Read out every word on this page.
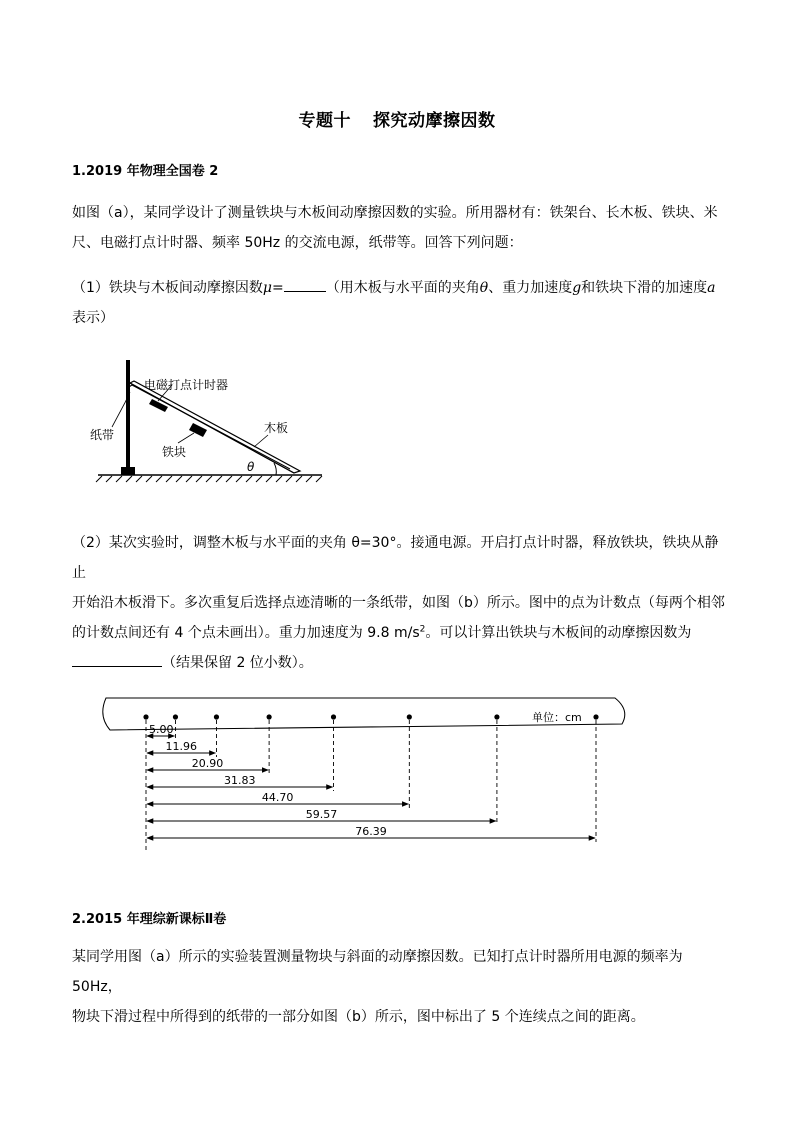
专题十 探究动摩擦因数
1.2019 年物理全国卷 2
如图（a），某同学设计了测量铁块与木板间动摩擦因数的实验。所用器材有：铁架台、长木板、铁块、米
尺、电磁打点计时器、频率 50Hz 的交流电源，纸带等。回答下列问题：
（1）铁块与木板间动摩擦因数μ=	（用木板与水平面的夹角θ、重力加速度g和铁块下滑的加速度a
表示）
电磁打点计时器
纸带
铁块
木板
θ
（2）某次实验时，调整木板与水平面的夹角 θ=30°。接通电源。开启打点计时器，释放铁块，铁块从静止
开始沿木板滑下。多次重复后选择点迹清晰的一条纸带，如图（b）所示。图中的点为计数点（每两个相邻
的计数点间还有 4 个点未画出）。重力加速度为 9.8 $m/s^2$。可以计算出铁块与木板间的动摩擦因数为
（结果保留 2 位小数）。
5.00
11.96
20.90
31.83
44.70
59.57
76.39
单位：cm
2.2015 年理综新课标Ⅱ卷
某同学用图（a）所示的实验装置测量物块与斜面的动摩擦因数。已知打点计时器所用电源的频率为 50Hz，
物块下滑过程中所得到的纸带的一部分如图（b）所示，图中标出了 5 个连续点之间的距离。
